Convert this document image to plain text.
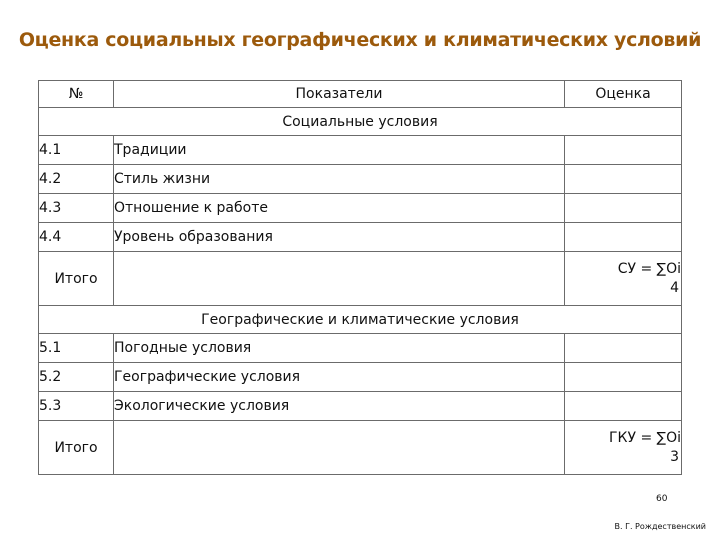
Оценка социальных географических и климатических условий
№	Показатели	Оценка
Социальные условия		
4.1	Традиции	
4.2	Стиль жизни	
4.3	Отношение к работе	
4.4	Уровень образования	
Итого		СУ = ∑Oi
4

Географические и климатические условия		
5.1	Погодные условия	
5.2	Географические условия	
5.3	Экологические условия	
Итого		ГКУ = ∑Oi
3
60
В. Г. Рождественский
